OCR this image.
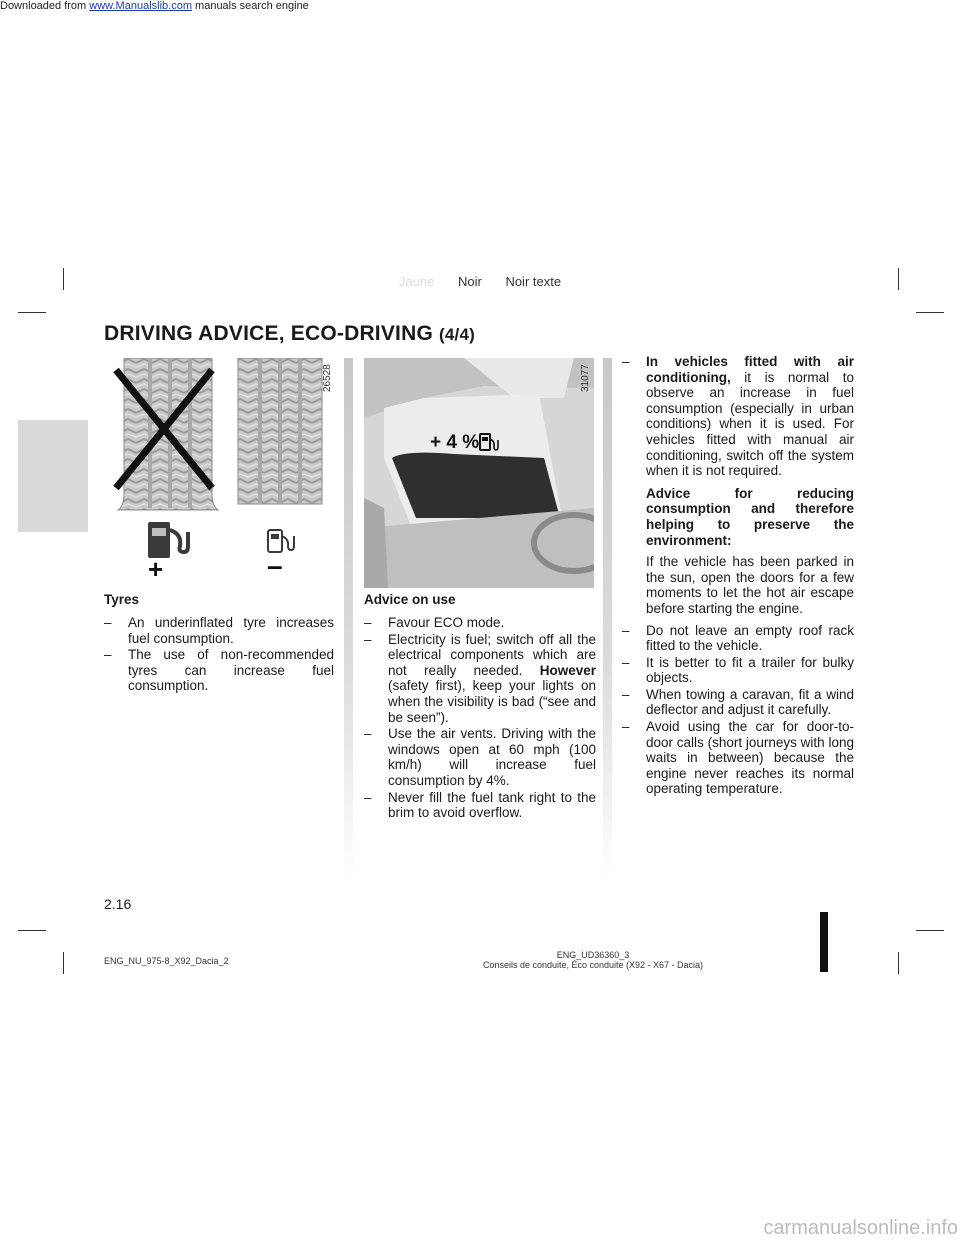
Downloaded from www.Manualslib.com manuals search engine
Jaune Noir Noir texte
DRIVING ADVICE, ECO-DRIVING (4/4)
+	–
26528
+ 4 %
31077
Tyres
– An underinflated tyre increases fuel consumption.
– The use of non-recommended tyres can increase fuel consumption.
Advice on use
– Favour ECO mode.
– Electricity is fuel; switch off all the electrical components which are not really needed. However (safety first), keep your lights on when the visibility is bad (“see and be seen”).
– Use the air vents. Driving with the windows open at 60 mph (100 km/h) will increase fuel consumption by 4%.
– Never fill the fuel tank right to the brim to avoid overflow.
– In vehicles fitted with air conditioning, it is normal to observe an increase in fuel consumption (especially in urban conditions) when it is used. For vehicles fitted with manual air conditioning, switch off the system when it is not required.
Advice for reducing consumption and therefore helping to preserve the environment:
If the vehicle has been parked in the sun, open the doors for a few moments to let the hot air escape before starting the engine.
– Do not leave an empty roof rack fitted to the vehicle.
– It is better to fit a trailer for bulky objects.
– When towing a caravan, fit a wind deflector and adjust it carefully.
– Avoid using the car for door-to-door calls (short journeys with long waits in between) because the engine never reaches its normal operating temperature.
2.16
ENG_NU_975-8_X92_Dacia_2
ENG_UD36360_3
Conseils de conduite, Éco conduite (X92 - X67 - Dacia)
carmanualsonline.info
